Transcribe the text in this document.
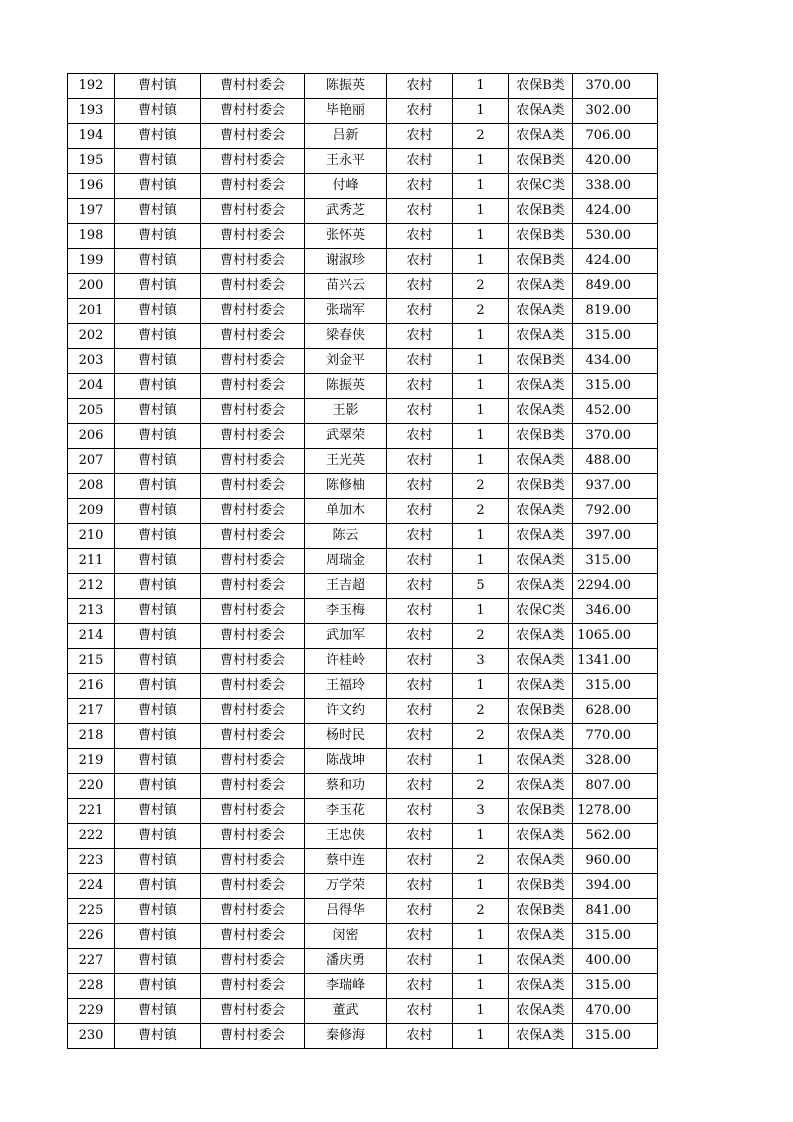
192	曹村镇	曹村村委会	陈振英	农村	1	农保B类	370.00
193	曹村镇	曹村村委会	毕艳丽	农村	1	农保A类	302.00
194	曹村镇	曹村村委会	吕新	农村	2	农保A类	706.00
195	曹村镇	曹村村委会	王永平	农村	1	农保B类	420.00
196	曹村镇	曹村村委会	付峰	农村	1	农保C类	338.00
197	曹村镇	曹村村委会	武秀芝	农村	1	农保B类	424.00
198	曹村镇	曹村村委会	张怀英	农村	1	农保B类	530.00
199	曹村镇	曹村村委会	谢淑珍	农村	1	农保B类	424.00
200	曹村镇	曹村村委会	苗兴云	农村	2	农保A类	849.00
201	曹村镇	曹村村委会	张瑞军	农村	2	农保A类	819.00
202	曹村镇	曹村村委会	梁春侠	农村	1	农保A类	315.00
203	曹村镇	曹村村委会	刘金平	农村	1	农保B类	434.00
204	曹村镇	曹村村委会	陈振英	农村	1	农保A类	315.00
205	曹村镇	曹村村委会	王影	农村	1	农保A类	452.00
206	曹村镇	曹村村委会	武翠荣	农村	1	农保B类	370.00
207	曹村镇	曹村村委会	王光英	农村	1	农保A类	488.00
208	曹村镇	曹村村委会	陈修柚	农村	2	农保B类	937.00
209	曹村镇	曹村村委会	单加木	农村	2	农保A类	792.00
210	曹村镇	曹村村委会	陈云	农村	1	农保A类	397.00
211	曹村镇	曹村村委会	周瑞金	农村	1	农保A类	315.00
212	曹村镇	曹村村委会	王吉超	农村	5	农保A类	2294.00
213	曹村镇	曹村村委会	李玉梅	农村	1	农保C类	346.00
214	曹村镇	曹村村委会	武加军	农村	2	农保A类	1065.00
215	曹村镇	曹村村委会	许桂岭	农村	3	农保A类	1341.00
216	曹村镇	曹村村委会	王福玲	农村	1	农保A类	315.00
217	曹村镇	曹村村委会	许文约	农村	2	农保B类	628.00
218	曹村镇	曹村村委会	杨时民	农村	2	农保A类	770.00
219	曹村镇	曹村村委会	陈战坤	农村	1	农保A类	328.00
220	曹村镇	曹村村委会	蔡和功	农村	2	农保A类	807.00
221	曹村镇	曹村村委会	李玉花	农村	3	农保B类	1278.00
222	曹村镇	曹村村委会	王忠侠	农村	1	农保A类	562.00
223	曹村镇	曹村村委会	蔡中连	农村	2	农保A类	960.00
224	曹村镇	曹村村委会	万学荣	农村	1	农保B类	394.00
225	曹村镇	曹村村委会	吕得华	农村	2	农保B类	841.00
226	曹村镇	曹村村委会	闵密	农村	1	农保A类	315.00
227	曹村镇	曹村村委会	潘庆勇	农村	1	农保A类	400.00
228	曹村镇	曹村村委会	李瑞峰	农村	1	农保A类	315.00
229	曹村镇	曹村村委会	董武	农村	1	农保A类	470.00
230	曹村镇	曹村村委会	秦修海	农村	1	农保A类	315.00
